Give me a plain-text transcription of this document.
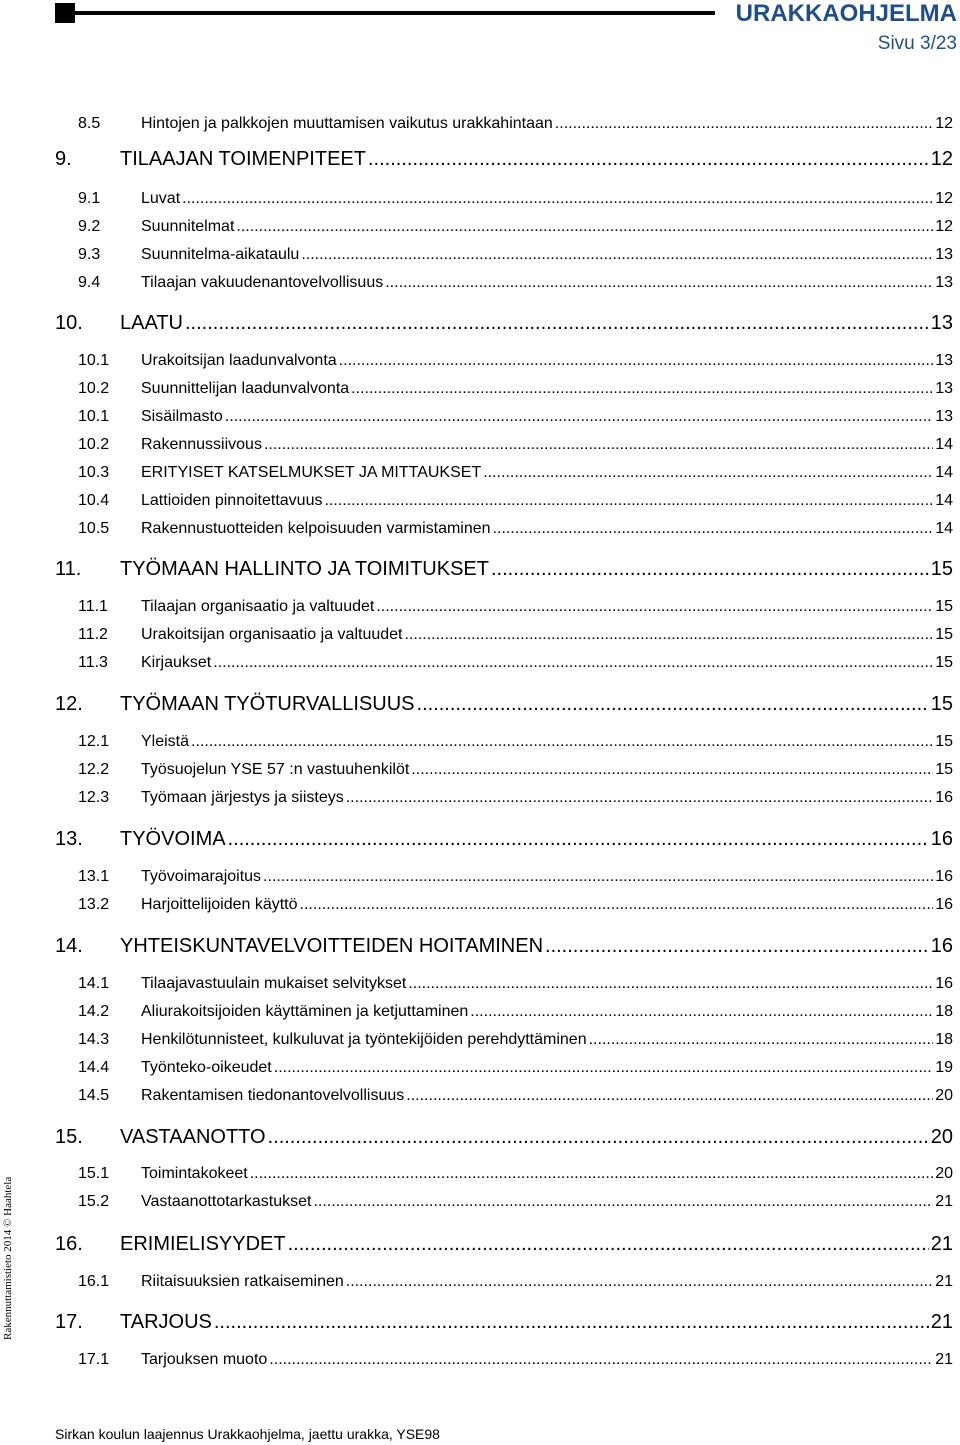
URAKKAOHJELMA
Sivu 3/23
8.5	Hintojen ja palkkojen muuttamisen vaikutus urakkahintaan .....	12
9. TILAAJAN TOIMENPITEET .....	12
9.1	Luvat .....	12
9.2	Suunnitelmat .....	12
9.3	Suunnitelma-aikataulu .....	13
9.4	Tilaajan vakuudenantovelvollisuus .....	13
10. LAATU .....	13
10.1 Urakoitsijan laadunvalvonta .....	13
10.2 Suunnittelijan laadunvalvonta .....	13
10.1 Sisäilmasto .....	13
10.2 Rakennussiivous .....	14
10.3 ERITYISET KATSELMUKSET JA MITTAUKSET .....	14
10.4 Lattioiden pinnoitettavuus .....	14
10.5 Rakennustuotteiden kelpoisuuden varmistaminen .....	14
11. TYÖMAAN HALLINTO JA TOIMITUKSET .....	15
11.1 Tilaajan organisaatio ja valtuudet .....	15
11.2 Urakoitsijan organisaatio ja valtuudet .....	15
11.3 Kirjaukset .....	15
12. TYÖMAAN TYÖTURVALLISUUS .....	15
12.1 Yleistä .....	15
12.2 Työsuojelun YSE 57 :n vastuuhenkilöt .....	15
12.3 Työmaan järjestys ja siisteys .....	16
13. TYÖVOIMA .....	16
13.1 Työvoimarajoitus .....	16
13.2 Harjoittelijoiden käyttö .....	16
14. YHTEISKUNTAVELVOITTEIDEN HOITAMINEN .....	16
14.1 Tilaajavastuulain mukaiset selvitykset .....	16
14.2 Aliurakoitsijoiden käyttäminen ja ketjuttaminen .....	18
14.3 Henkilötunnisteet, kulkuluvat ja työntekijöiden perehdyttäminen .....	18
14.4 Työnteko-oikeudet .....	19
14.5 Rakentamisen tiedonantovelvollisuus .....	20
15. VASTAANOTTO .....	20
15.1 Toimintakokeet .....	20
15.2 Vastaanottotarkastukset .....	21
16. ERIMIELISYYDET .....	21
16.1 Riitaisuuksien ratkaiseminen .....	21
17. TARJOUS .....	21
17.1 Tarjouksen muoto .....	21
Rakennuttamistieto 2014 © Haahtela
Sirkan koulun laajennus Urakkaohjelma, jaettu urakka, YSE98
